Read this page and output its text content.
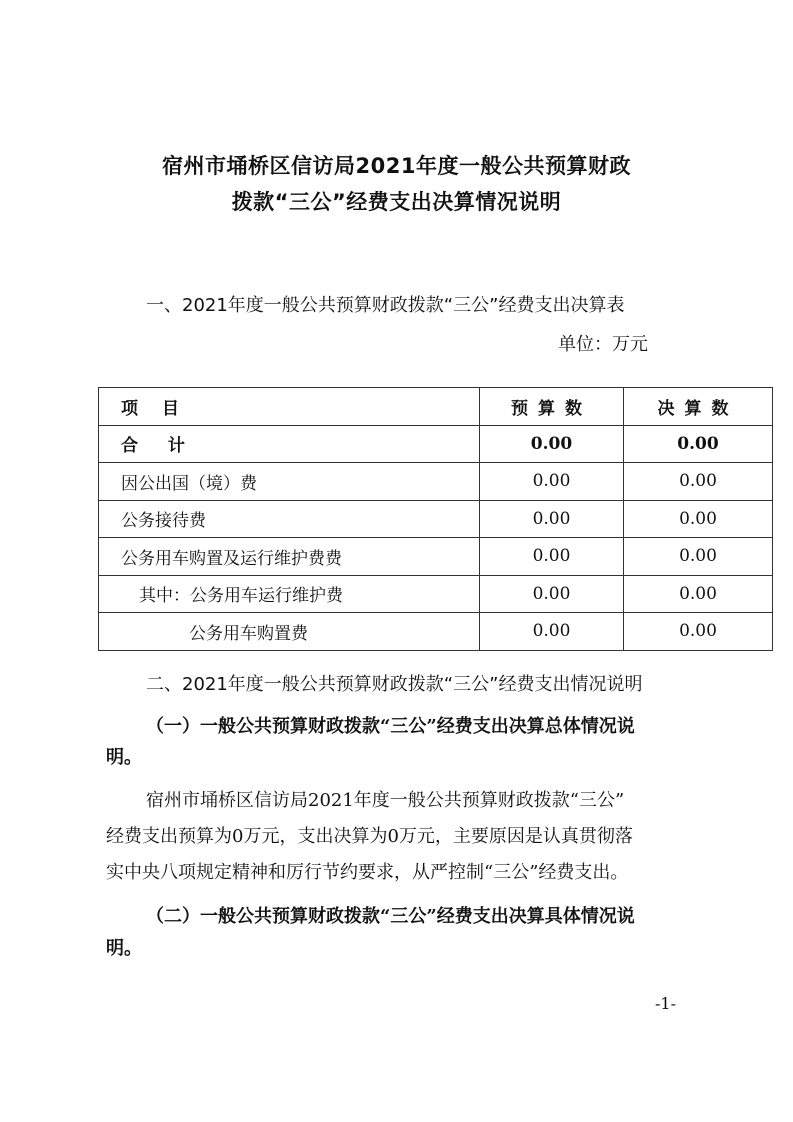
宿州市埇桥区信访局2021年度一般公共预算财政
拨款“三公”经费支出决算情况说明
一、2021年度一般公共预算财政拨款“三公”经费支出决算表
单位：万元
项目	预算数	决算数
合  计	0.00	0.00
因公出国（境）费	0.00	0.00
公务接待费	0.00	0.00
公务用车购置及运行维护费费	0.00	0.00
其中：公务用车运行维护费	0.00	0.00
公务用车购置费	0.00	0.00
二、2021年度一般公共预算财政拨款“三公”经费支出情况说明
（一）一般公共预算财政拨款“三公”经费支出决算总体情况说
明。
宿州市埇桥区信访局2021年度一般公共预算财政拨款“三公”
经费支出预算为0万元，支出决算为0万元，主要原因是认真贯彻落
实中央八项规定精神和厉行节约要求，从严控制“三公”经费支出。
（二）一般公共预算财政拨款“三公”经费支出决算具体情况说
明。
-1-
